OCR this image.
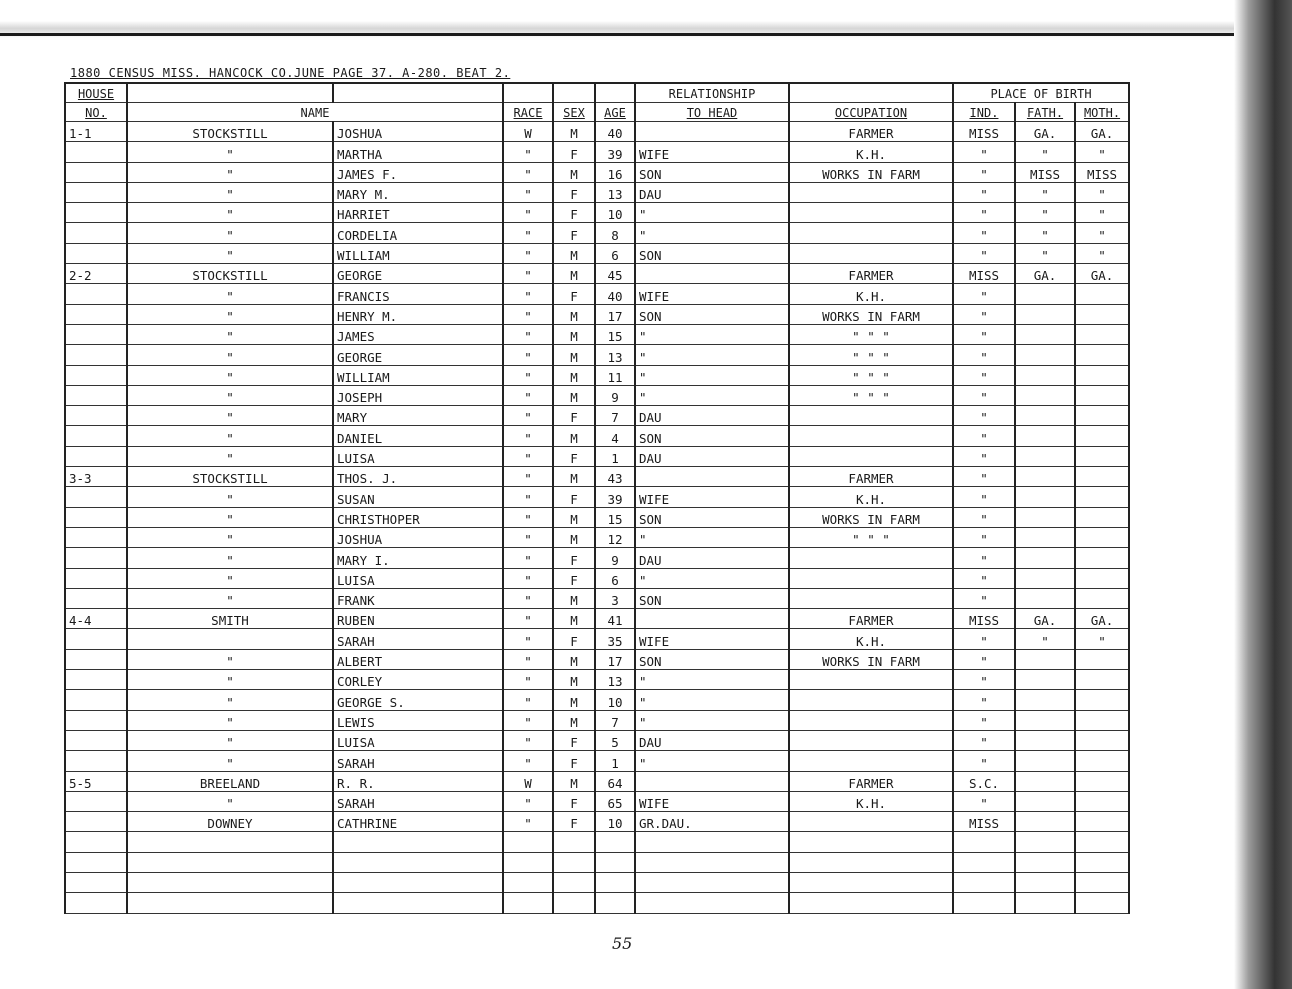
1880 CENSUS MISS. HANCOCK CO.JUNE PAGE 37. A-280. BEAT 2.
HOUSE						RELATIONSHIP		PLACE OF BIRTH		
NO.	NAME		RACE	SEX	AGE	TO HEAD	OCCUPATION	IND.	FATH.	MOTH.
1-1	STOCKSTILL	JOSHUA	W	M	40		FARMER	MISS	GA.	GA.
	"	MARTHA	"	F	39	WIFE	K.H.	"	"	"
	"	JAMES F.	"	M	16	SON	WORKS IN FARM	"	MISS	MISS
	"	MARY M.	"	F	13	DAU		"	"	"
	"	HARRIET	"	F	10	"		"	"	"
	"	CORDELIA	"	F	8	"		"	"	"
	"	WILLIAM	"	M	6	SON		"	"	"
2-2	STOCKSTILL	GEORGE	"	M	45		FARMER	MISS	GA.	GA.
	"	FRANCIS	"	F	40	WIFE	K.H.	"		
	"	HENRY M.	"	M	17	SON	WORKS IN FARM	"		
	"	JAMES	"	M	15	"	" " "	"		
	"	GEORGE	"	M	13	"	" " "	"		
	"	WILLIAM	"	M	11	"	" " "	"		
	"	JOSEPH	"	M	9	"	" " "	"		
	"	MARY	"	F	7	DAU		"		
	"	DANIEL	"	M	4	SON		"		
	"	LUISA	"	F	1	DAU		"		
3-3	STOCKSTILL	THOS. J.	"	M	43		FARMER	"		
	"	SUSAN	"	F	39	WIFE	K.H.	"		
	"	CHRISTHOPER	"	M	15	SON	WORKS IN FARM	"		
	"	JOSHUA	"	M	12	"	" " "	"		
	"	MARY I.	"	F	9	DAU		"		
	"	LUISA	"	F	6	"		"		
	"	FRANK	"	M	3	SON		"		
4-4	SMITH	RUBEN	"	M	41		FARMER	MISS	GA.	GA.
		SARAH	"	F	35	WIFE	K.H.	"	"	"
	"	ALBERT	"	M	17	SON	WORKS IN FARM	"		
	"	CORLEY	"	M	13	"		"		
	"	GEORGE S.	"	M	10	"		"		
	"	LEWIS	"	M	7	"		"		
	"	LUISA	"	F	5	DAU		"		
	"	SARAH	"	F	1	"		"		
5-5	BREELAND	R. R.	W	M	64		FARMER	S.C.		
	"	SARAH	"	F	65	WIFE	K.H.	"		
	DOWNEY	CATHRINE	"	F	10	GR.DAU.		MISS		

55
